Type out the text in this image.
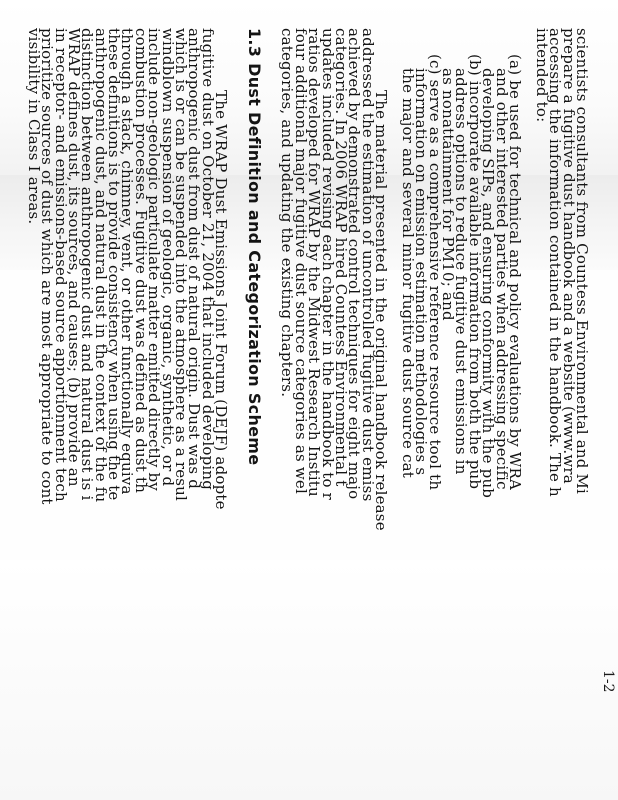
scientists consultants from Countess Environmental and Mi
prepare a fugitive dust handbook and a website (www.wra
accessing the information contained in the handbook. The h
intended to:
(a) be used for technical and policy evaluations by WRA
and other interested parties when addressing specific
developing SIPs, and ensuring conformity with the pub
(b) incorporate available information from both the pub
address options to reduce fugitive dust emissions in
as nonattainment for PM10; and
(c) serve as a comprehensive reference resource tool th
information on emission estimation methodologies s
the major and several minor fugitive dust source cat
The material presented in the original handbook release
addressed the estimation of uncontrolled fugitive dust emiss
achieved by demonstrated control techniques for eight majo
categories. In 2006 WRAP hired Countess Environmental t
updates included revising each chapter in the handbook to r
ratios developed for WRAP by the Midwest Research Institu
four additional major fugitive dust source categories as wel
categories, and updating the existing chapters.
1.3 Dust Definition and Categorization Scheme
The WRAP Dust Emissions Joint Forum (DEJF) adopte
fugitive dust on October 21, 2004 that included developing
anthropogenic dust from dust of natural origin. Dust was d
which is or can be suspended into the atmosphere as a resul
windblown suspension of geologic, organic, synthetic, or d
include non-geologic particulate matter emitted directly by
combustion processes. Fugitive dust was defined as dust th
through a stack, chimney, vent, or other functionally equiva
these definitions is to provide consistency when using the te
anthropogenic dust, and natural dust in the context of the fu
distinction between anthropogenic dust and natural dust is i
WRAP defines dust, its sources, and causes; (b) provide an
in receptor- and emissions-based source apportionment tech
prioritize sources of dust which are most appropriate to cont
visibility in Class I areas.
1-2
